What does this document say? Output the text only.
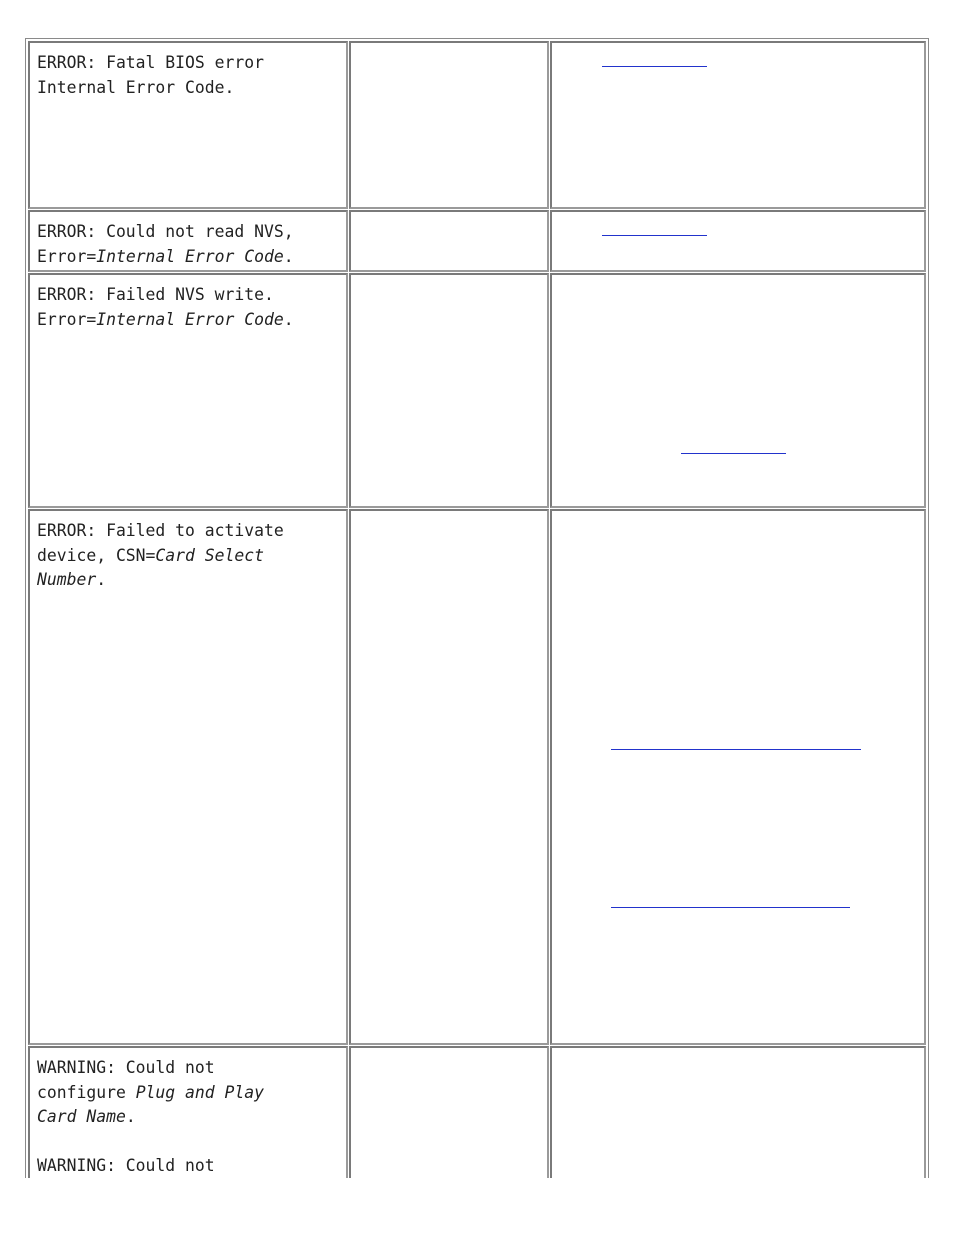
ERROR: Fatal BIOS error
Internal Error Code.
ERROR: Could not read NVS,
Error=Internal Error Code.
ERROR: Failed NVS write.
Error=Internal Error Code.
ERROR: Failed to activate
device, CSN=Card Select
Number.
WARNING: Could not
configure Plug and Play
Card Name.

WARNING: Could not
